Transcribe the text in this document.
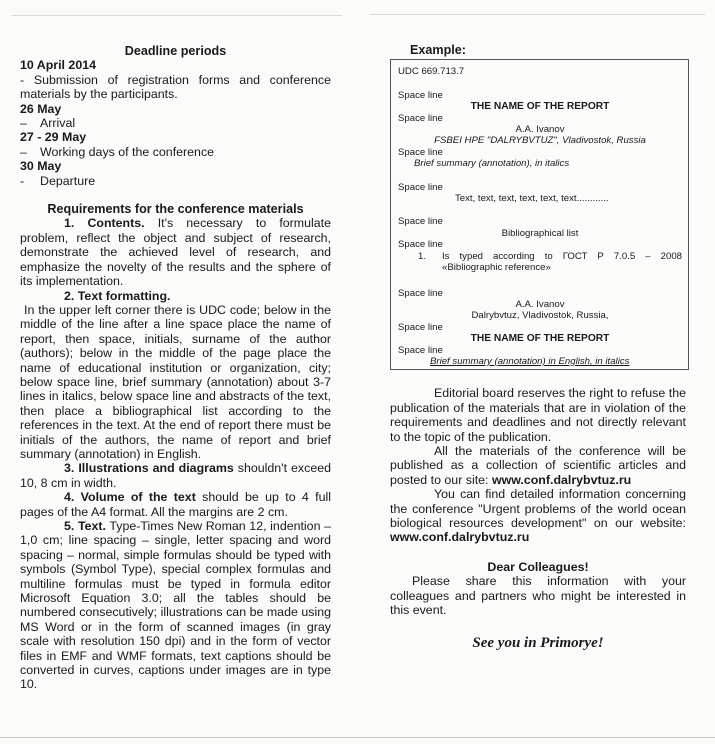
Deadline periods

10 April 2014

- Submission of registration forms and conference

materials by the participants.

26 May

– Arrival

27 - 29 May

– Working days of the conference

30 May

- Departure

Requirements for the conference materials

1. Contents. It's necessary to formulate problem, reflect the object and subject of research, demonstrate the achieved level of research, and emphasize the novelty of the results and the sphere of its implementation.

2. Text formatting.

In the upper left corner there is UDC code; below in the middle of the line after a line space place the name of report, then space, initials, surname of the author (authors); below in the middle of the page place the name of educational institution or organization, city; below space line, brief summary (annotation) about 3-7 lines in italics, below space line and abstracts of the text, then place a bibliographical list according to the references in the text. At the end of report there must be initials of the authors, the name of report and brief summary (annotation) in English.

3. Illustrations and diagrams shouldn't exceed 10, 8 cm in width.

4. Volume of the text should be up to 4 full pages of the A4 format. All the margins are 2 cm.

5. Text. Type-Times New Roman 12, indention – 1,0 cm; line spacing – single, letter spacing and word spacing – normal, simple formulas should be typed with symbols (Symbol Type), special complex formulas and multiline formulas must be typed in formula editor Microsoft Equation 3.0; all the tables should be numbered consecutively; illustrations can be made using MS Word or in the form of scanned images (in gray scale with resolution 150 dpi) and in the form of vector files in EMF and WMF formats, text captions should be converted in curves, captions under images are in type 10.

Example:

UDC 669.713.7

Space line

THE NAME OF THE REPORT

Space line

A.A. Ivanov

FSBEI HPE "DALRYBVTUZ", Vladivostok, Russia

Space line

Brief summary (annotation), in italics

Space line

Text, text, text, text, text, text............

Space line

Bibliographical list

Space line

1.	Is typed according to ГОСТ Р 7.0.5 – 2008

«Bibliographic reference»

Space line

A.A. Ivanov

Dalrybvtuz, Vladivostok, Russia,

Space line

THE NAME OF THE REPORT

Space line

Brief summary (annotation) in English, in italics

Editorial board reserves the right to refuse the publication of the materials that are in violation of the requirements and deadlines and not directly relevant to the topic of the publication.

All the materials of the conference will be published as a collection of scientific articles and posted to our site: www.conf.dalrybvtuz.ru

You can find detailed information concerning the conference "Urgent problems of the world ocean biological resources development" on our website: www.conf.dalrybvtuz.ru

Dear Colleagues!

Please share this information with your colleagues and partners who might be interested in this event.

See you in Primorye!
